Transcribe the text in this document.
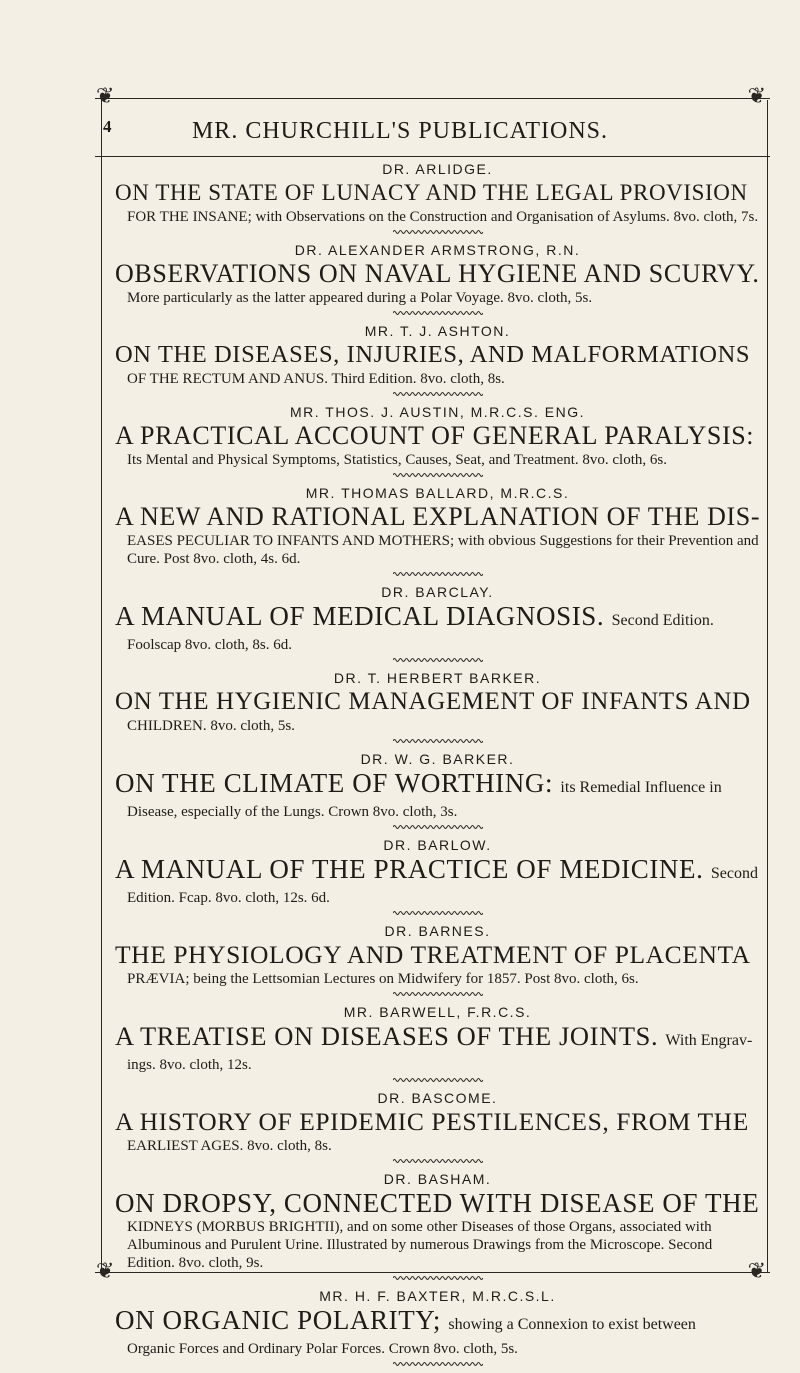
❦	❦
4	MR. CHURCHILL'S PUBLICATIONS.

DR. ARLIDGE.

ON THE STATE OF LUNACY AND THE LEGAL PROVISION

FOR THE INSANE; with Observations on the Construction and Organisation of Asylums. 8vo. cloth, 7s.

DR. ALEXANDER ARMSTRONG, R.N.

OBSERVATIONS ON NAVAL HYGIENE AND SCURVY.

More particularly as the latter appeared during a Polar Voyage. 8vo. cloth, 5s.

MR. T. J. ASHTON.

ON THE DISEASES, INJURIES, AND MALFORMATIONS

OF THE RECTUM AND ANUS. Third Edition. 8vo. cloth, 8s.

MR. THOS. J. AUSTIN, M.R.C.S. ENG.

A PRACTICAL ACCOUNT OF GENERAL PARALYSIS:

Its Mental and Physical Symptoms, Statistics, Causes, Seat, and Treatment. 8vo. cloth, 6s.

MR. THOMAS BALLARD, M.R.C.S.

A NEW AND RATIONAL EXPLANATION OF THE DIS-

EASES PECULIAR TO INFANTS AND MOTHERS; with obvious Suggestions for their Prevention and Cure. Post 8vo. cloth, 4s. 6d.

DR. BARCLAY.

A MANUAL OF MEDICAL DIAGNOSIS. Second Edition.

Foolscap 8vo. cloth, 8s. 6d.

DR. T. HERBERT BARKER.

ON THE HYGIENIC MANAGEMENT OF INFANTS AND

CHILDREN. 8vo. cloth, 5s.

DR. W. G. BARKER.

ON THE CLIMATE OF WORTHING: its Remedial Influence in

Disease, especially of the Lungs. Crown 8vo. cloth, 3s.

DR. BARLOW.

A MANUAL OF THE PRACTICE OF MEDICINE. Second

Edition. Fcap. 8vo. cloth, 12s. 6d.

DR. BARNES.

THE PHYSIOLOGY AND TREATMENT OF PLACENTA

PRÆVIA; being the Lettsomian Lectures on Midwifery for 1857. Post 8vo. cloth, 6s.

MR. BARWELL, F.R.C.S.

A TREATISE ON DISEASES OF THE JOINTS. With Engrav-

ings. 8vo. cloth, 12s.

DR. BASCOME.

A HISTORY OF EPIDEMIC PESTILENCES, FROM THE

EARLIEST AGES. 8vo. cloth, 8s.

DR. BASHAM.

ON DROPSY, CONNECTED WITH DISEASE OF THE

KIDNEYS (MORBUS BRIGHTII), and on some other Diseases of those Organs, associated with Albuminous and Purulent Urine. Illustrated by numerous Drawings from the Microscope. Second Edition. 8vo. cloth, 9s.

MR. H. F. BAXTER, M.R.C.S.L.

ON ORGANIC POLARITY; showing a Connexion to exist between

Organic Forces and Ordinary Polar Forces. Crown 8vo. cloth, 5s.

❦	❦
